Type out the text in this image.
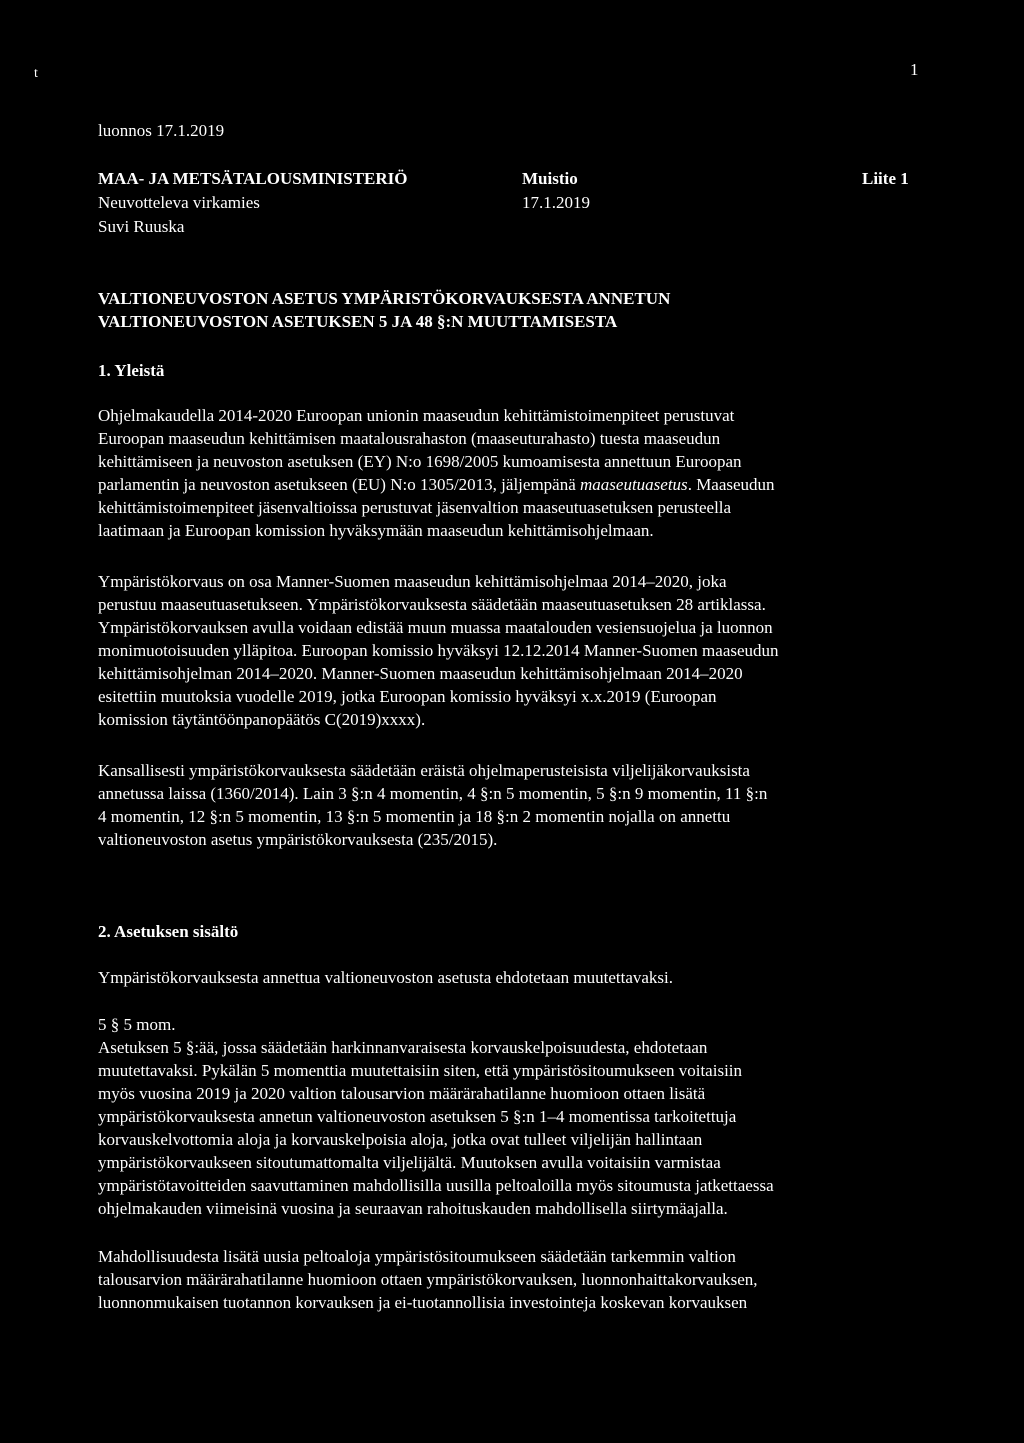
t	1
luonnos 17.1.2019
MAA- JA METSÄTALOUSMINISTERIÖ	Muistio	Liite 1
Neuvotteleva virkamies	17.1.2019
Suvi Ruuska
VALTIONEUVOSTON ASETUS YMPÄRISTÖKORVAUKSESTA ANNETUN
VALTIONEUVOSTON ASETUKSEN 5 JA 48 §:N MUUTTAMISESTA
1. Yleistä
Ohjelmakaudella 2014-2020 Euroopan unionin maaseudun kehittämistoimenpiteet perustuvat
Euroopan maaseudun kehittämisen maatalousrahaston (maaseuturahasto) tuesta maaseudun
kehittämiseen ja neuvoston asetuksen (EY) N:o 1698/2005 kumoamisesta annettuun Euroopan
parlamentin ja neuvoston asetukseen (EU) N:o 1305/2013, jäljempänä maaseutuasetus. Maaseudun
kehittämistoimenpiteet jäsenvaltioissa perustuvat jäsenvaltion maaseutuasetuksen perusteella
laatimaan ja Euroopan komission hyväksymään maaseudun kehittämisohjelmaan.
Ympäristökorvaus on osa Manner-Suomen maaseudun kehittämisohjelmaa 2014–2020, joka
perustuu maaseutuasetukseen. Ympäristökorvauksesta säädetään maaseutuasetuksen 28 artiklassa.
Ympäristökorvauksen avulla voidaan edistää muun muassa maatalouden vesiensuojelua ja luonnon
monimuotoisuuden ylläpitoa. Euroopan komissio hyväksyi 12.12.2014 Manner-Suomen maaseudun
kehittämisohjelman 2014–2020. Manner-Suomen maaseudun kehittämisohjelmaan 2014–2020
esitettiin muutoksia vuodelle 2019, jotka Euroopan komissio hyväksyi x.x.2019 (Euroopan
komission täytäntöönpanopäätös C(2019)xxxx).
Kansallisesti ympäristökorvauksesta säädetään eräistä ohjelmaperusteisista viljelijäkorvauksista
annetussa laissa (1360/2014). Lain 3 §:n 4 momentin, 4 §:n 5 momentin, 5 §:n 9 momentin, 11 §:n
4 momentin, 12 §:n 5 momentin, 13 §:n 5 momentin ja 18 §:n 2 momentin nojalla on annettu
valtioneuvoston asetus ympäristökorvauksesta (235/2015).
2. Asetuksen sisältö
Ympäristökorvauksesta annettua valtioneuvoston asetusta ehdotetaan muutettavaksi.
5 § 5 mom.
Asetuksen 5 §:ää, jossa säädetään harkinnanvaraisesta korvauskelpoisuudesta, ehdotetaan
muutettavaksi. Pykälän 5 momenttia muutettaisiin siten, että ympäristösitoumukseen voitaisiin
myös vuosina 2019 ja 2020 valtion talousarvion määrärahatilanne huomioon ottaen lisätä
ympäristökorvauksesta annetun valtioneuvoston asetuksen 5 §:n 1–4 momentissa tarkoitettuja
korvauskelvottomia aloja ja korvauskelpoisia aloja, jotka ovat tulleet viljelijän hallintaan
ympäristökorvaukseen sitoutumattomalta viljelijältä. Muutoksen avulla voitaisiin varmistaa
ympäristötavoitteiden saavuttaminen mahdollisilla uusilla peltoaloilla myös sitoumusta jatkettaessa
ohjelmakauden viimeisinä vuosina ja seuraavan rahoituskauden mahdollisella siirtymäajalla.
Mahdollisuudesta lisätä uusia peltoaloja ympäristösitoumukseen säädetään tarkemmin valtion
talousarvion määrärahatilanne huomioon ottaen ympäristökorvauksen, luonnonhaittakorvauksen,
luonnonmukaisen tuotannon korvauksen ja ei-tuotannollisia investointeja koskevan korvauksen
